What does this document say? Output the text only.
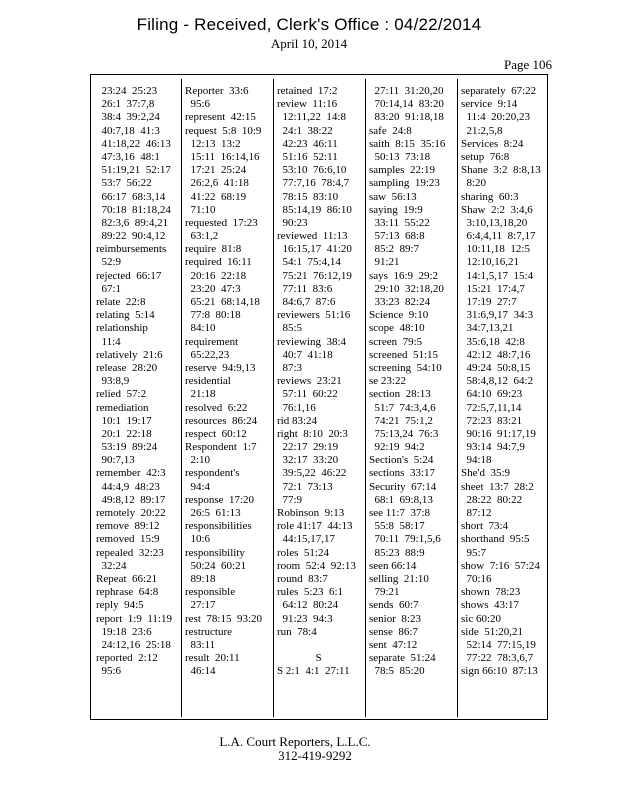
Filing - Received, Clerk's Office : 04/22/2014
April 10, 2014
Page 106
23:24  25:23
26:1  37:7,8
38:4  39:2,24
40:7,18  41:3
41:18,22  46:13
47:3,16  48:1
51:19,21  52:17
53:7  56:22
66:17  68:3,14
70:18  81:18,24
82:3,6  89:4,21
89:22  90:4,12
reimbursements
52:9
rejected  66:17
67:1
relate  22:8
relating  5:14
relationship
11:4
relatively  21:6
release  28:20
93:8,9
relied  57:2
remediation
10:1  19:17
20:1  22:18
53:19  89:24
90:7,13
remember  42:3
44:4,9  48:23
49:8,12  89:17
remotely  20:22
remove  89:12
removed  15:9
repealed  32:23
32:24
Repeat  66:21
rephrase  64:8
reply  94:5
report  1:9  11:19
19:18  23:6
24:12,16  25:18
reported  2:12
95:6
Reporter  33:6
95:6
represent  42:15
request  5:8  10:9
12:13  13:2
15:11  16:14,16
17:21  25:24
26:2,6  41:18
41:22  68:19
71:10
requested  17:23
63:1,2
require  81:8
required  16:11
20:16  22:18
23:20  47:3
65:21  68:14,18
77:8  80:18
84:10
requirement
65:22,23
reserve  94:9,13
residential
21:18
resolved  6:22
resources  86:24
respect  60:12
Respondent  1:7
2:10
respondent's
94:4
response  17:20
26:5  61:13
responsibilities
10:6
responsibility
50:24  60:21
89:18
responsible
27:17
rest  78:15  93:20
restructure
83:11
result  20:11
46:14
retained  17:2
review  11:16
12:11,22  14:8
24:1  38:22
42:23  46:11
51:16  52:11
53:10  76:6,10
77:7,16  78:4,7
78:15  83:10
85:14,19  86:10
90:23
reviewed  11:13
16:15,17  41:20
54:1  75:4,14
75:21  76:12,19
77:11  83:6
84:6,7  87:6
reviewers  51:16
85:5
reviewing  38:4
40:7  41:18
87:3
reviews  23:21
57:11  60:22
76:1,16
rid 83:24
right  8:10  20:3
22:17  29:19
32:17  33:20
39:5,22  46:22
72:1  73:13
77:9
Robinson  9:13
role 41:17  44:13
44:15,17,17
roles  51:24
room  52:4  92:13
round  83:7
rules  5:23  6:1
64:12  80:24
91:23  94:3
run  78:4
S
S 2:1  4:1  27:11
27:11  31:20,20
70:14,14  83:20
83:20  91:18,18
safe  24:8
saith  8:15  35:16
50:13  73:18
samples  22:19
sampling  19:23
saw  56:13
saying  19:9
33:11  55:22
57:13  68:8
85:2  89:7
91:21
says  16:9  29:2
29:10  32:18,20
33:23  82:24
Science  9:10
scope  48:10
screen  79:5
screened  51:15
screening  54:10
se 23:22
section  28:13
51:7  74:3,4,6
74:21  75:1,2
75:13,24  76:3
92:19  94:2
Section's  5:24
sections  33:17
Security  67:14
68:1  69:8,13
see 11:7  37:8
55:8  58:17
70:11  79:1,5,6
85:23  88:9
seen 66:14
selling  21:10
79:21
sends  60:7
senior  8:23
sense  86:7
sent  47:12
separate  51:24
78:5  85:20
separately  67:22
service  9:14
11:4  20:20,23
21:2,5,8
Services  8:24
setup  76:8
Shane  3:2  8:8,13
8:20
sharing  60:3
Shaw  2:2  3:4,6
3:10,13,18,20
6:4,4,11  8:7,17
10:11,18  12:5
12:10,16,21
14:1,5,17  15:4
15:21  17:4,7
17:19  27:7
31:6,9,17  34:3
34:7,13,21
35:6,18  42:8
42:12  48:7,16
49:24  50:8,15
58:4,8,12  64:2
64:10  69:23
72:5,7,11,14
72:23  83:21
90:16  91:17,19
93:14  94:7,9
94:18
She'd  35:9
sheet  13:7  28:2
28:22  80:22
87:12
short  73:4
shorthand  95:5
95:7
show  7:16  57:24
70:16
shown  78:23
shows  43:17
sic 60:20
side  51:20,21
52:14  77:15,19
77:22  78:3,6,7
sign 66:10  87:13
L.A. Court Reporters, L.L.C.
312-419-9292
